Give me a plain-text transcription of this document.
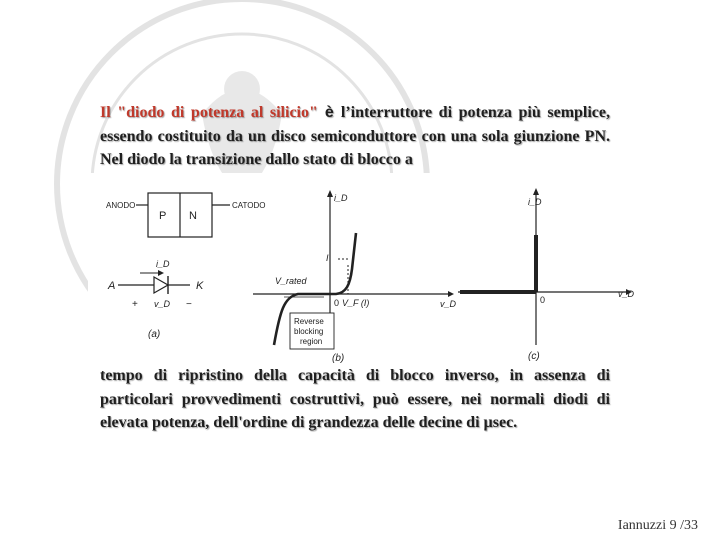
Il "diodo di potenza al silicio" è l’interruttore di potenza più semplice, essendo costituito da un disco semiconduttore con una sola giunzione PN. Nel diodo la transizione dallo stato di blocco a

ANODO
P N
CATODO
A	K
i_D
+ v_D −
(a)
i_D
v_D
I
V_rated
0 V_F (I)
Reverse
blocking
region
(b)
i_D
v_D
0
(c)

tempo di ripristino della capacità di blocco inverso, in assenza di particolari provvedimenti costruttivi, può essere, nei normali diodi di elevata potenza, dell'ordine di grandezza delle decine di µsec.

Iannuzzi 9 /33
